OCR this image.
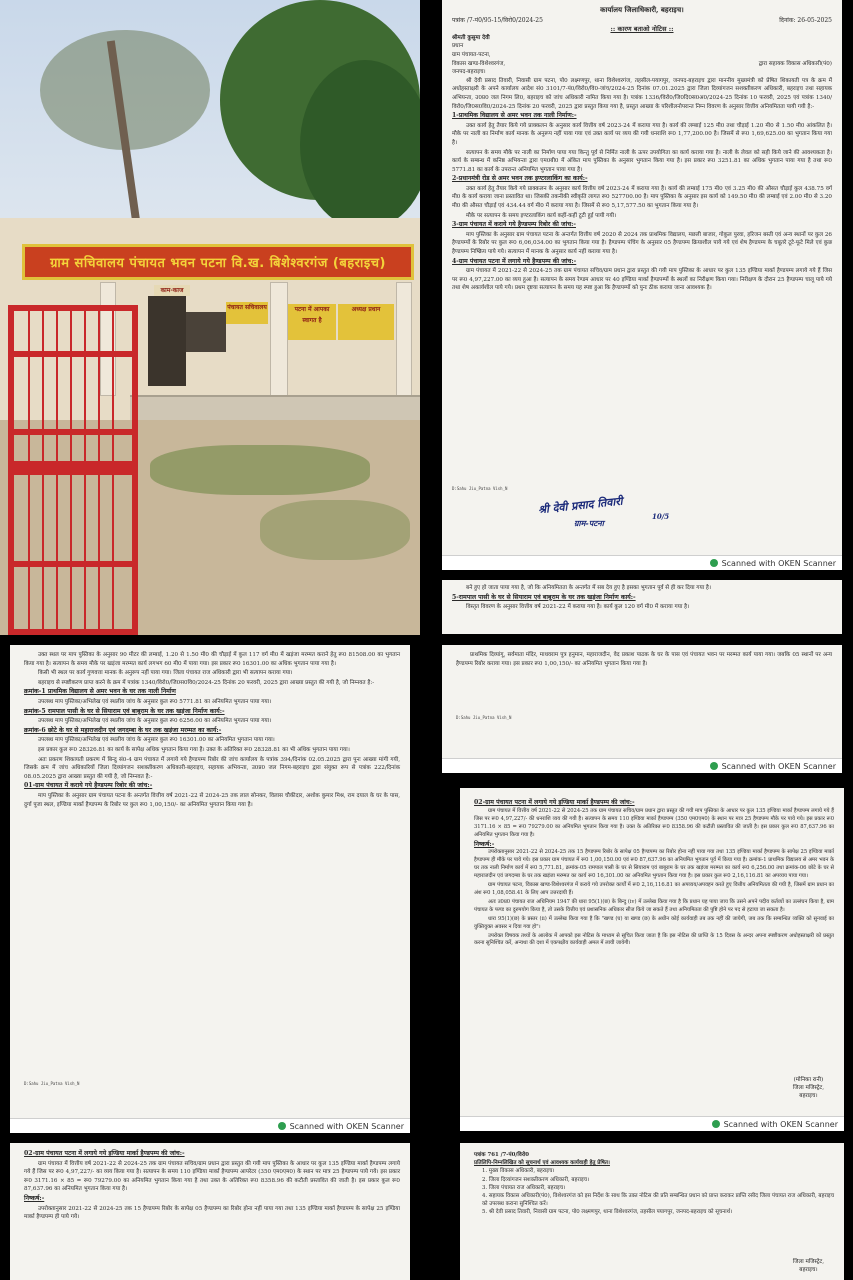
ग्राम सचिवालय पंचायत भवन पटना वि.ख. बिशेश्वरगंज (बहराइच)
काम-काज
पंचायत सचिवालय	पटना में आपका स्वागत है
अध्यक्ष प्रधान
कार्यालय जिलाधिकारी, बहराइच।
पत्रांक /7-पं0/95-15/विरो0/2024-25	दिनांक: 26-05-2025
:: कारण बताओ नोटिस ::
श्रीमती कुसुमा देवी
प्रधान
ग्राम पंचायत-पटना,
विकास खण्ड-विशेश्वरगंज,	द्वारा सहायक विकास अधिकारी(पं0)
जनपद-बहराइच।

श्री देवी प्रसाद तिवारी, निवासी ग्राम पटना, पो0 लक्ष्मणपुर, थाना विशेश्वरगंज, तहसील-पयागपुर, जनपद-बहराइच द्वारा माननीय मुख्यमंत्री को प्रेषित शिकायती पत्र के क्रम में अधोहस्ताक्षरी के अपने कार्यालय आदेश सं0 3101/7-पं0/विरो0/वि0-जांच/2024-25 दिनांक 07.01.2025 द्वारा जिला दिव्यांगजन सशक्तीकरण अधिकारी, बहराइच तथा सहायक अभियन्ता, उ0प्र0 जल निगम लि0, बहराइच को जांच अधिकारी नामित किया गया है। पत्रांक 1336/विरो0/जि0दि0स0अ0/2024-25 दिनांक 10 फरवरी, 2025 एवं पत्रांक 1340/विरो0/जि0स0वि0/2024-25 दिनांक 20 फरवरी, 2025 द्वारा प्रस्तुत किया गया है, प्रस्तुत आख्या के परिशीलनोपरान्त निम्न विवरण के अनुसार वित्तीय अनियमितता पायी गयी है:-

1-प्राथमिक विद्यालय से अमर भवन तक नाली निर्माण:-

उक्त कार्य हेतु तैयार किये गये प्राक्कलन के अनुसार कार्य वित्तीय वर्ष 2023-24 में कराया गया है। कार्य की लम्बाई 125 मी0 तथा चौड़ाई 1.20 मी0 से 1.50 मी0 आंकलित है। मौके पर नाली का निर्माण कार्य मानक के अनुरूप नहीं पाया गया एवं उक्त कार्य पर व्यय की गयी धनराशि रू0 1,77,200.00 है। जिसमें से रू0 1,69,625.00 का भुगतान किया गया है।

सत्यापन के समय मौके पर नाली का निर्माण पाया गया किन्तु पूर्व से निर्मित नाली के ऊपर उपयोगिता का कार्य कराया गया है। नाली के लेवल को सही किये जाने की आवश्यकता है। कार्य के सम्बन्ध में कनिष्ठ अभियन्ता द्वारा एम0बी0 में अंकित माप पुस्तिका के अनुसार भुगतान किया गया है। इस प्रकार रू0 3251.81 का अधिक भुगतान पाया गया है तथा रू0 5771.81 का कार्य के उपरान्त अनियमित भुगतान पाया गया है।

2-प्रधानमंत्री रोड से अमर भवन तक इण्टरलाकिंग का कार्य:-

उक्त कार्य हेतु तैयार किये गये प्राक्कलन के अनुसार कार्य वित्तीय वर्ष 2023-24 में कराया गया है। कार्य की लम्बाई 175 मी0 एवं 3.25 मी0 की औसत चौड़ाई कुल 438.75 वर्ग मी0 के कार्य कराया जाना प्रस्तावित था। जिसकी तकनीकी स्वीकृति लागत रू0 527700.00 है। माप पुस्तिका के अनुसार इस कार्य को 149.50 मी0 की लम्बाई एवं 2.00 मी0 से 3.20 मी0 की औसत चौड़ाई एवं 434.44 वर्ग मी0 में कराया गया है। जिसमें से रू0 5,17,577.50 का भुगतान किया गया है।

मौके पर सत्यापन के समय इण्टरलाकिंग कार्य कहीं-कहीं टूटी हुई पायी गयी।

3-ग्राम पंचायत में कराये गये हैण्डपम्प रिबोर की जांच:-

माप पुस्तिका के अनुसार ग्राम पंचायत पटना के अन्तर्गत वित्तीय वर्ष 2020 से 2024 तक प्राथमिक विद्यालय, मछली बाजार, गोकुल पुरवा, हरिजन बस्ती एवं अन्य स्थानों पर कुल 26 हैण्डपम्पों के रिबोर पर कुल रू0 6,06,034.00 का भुगतान किया गया है। हैण्डपम्प पंचिंग के अनुसार 05 हैण्डपम्प क्रियाशील पाये गये एवं शेष हैण्डपम्प के चबूतरे टूटे-फूटे मिले एवं कुछ हैण्डपम्प निष्क्रिय पाये गये। सत्यापन में मानक के अनुसार कार्य नहीं कराया गया है।

4-ग्राम पंचायत पटना में लगाये गये हैण्डपम्प की जांच:-

ग्राम पंचायत में 2021-22 से 2024-25 तक ग्राम पंचायत सचिव/ग्राम प्रधान द्वारा प्रस्तुत की गयी माप पुस्तिका के आधार पर कुल 135 इण्डिया मार्का हैण्डपम्प लगाये गये हैं जिस पर रू0 4,97,227.00 का व्यय हुआ है। सत्यापन के समय रेण्डम आधार पर 40 इण्डिया मार्का हैण्डपम्पों के स्थलों का निरीक्षण किया गया। निरीक्षण के दौरान 25 हैण्डपम्प चालू पाये गये तथा शेष अकार्यशील पाये गये। प्रथम दृष्टया सत्यापन के समय यह स्पष्ट हुआ कि हैण्डपम्पों को पुनः ठीक कराया जाना आवश्यक है।

D:Sahu Jiu_Patna Vish_N
श्री देवी प्रसाद तिवारी
ग्राम-पटना
10/5
Scanned with OKEN Scanner

बने हुए हो जाता पाया गया है, जो कि अनियमितता के अन्तर्गत में सब देय हुए है इसका भुगतान पूर्व से ही कर दिया गया है।

5-रामपाल पासी के घर से सियाराम एवं बाबूराम के घर तक खड़ंजा निर्माण कार्य:-

विस्तृत विवरण के अनुसार वित्तीय वर्ष 2021-22 में कराया गया है। कार्य कुल 120 वर्ग मी0 में कराया गया है।

उक्त स्थल पर माप पुस्तिका के अनुसार 90 मीटर की लम्बाई, 1.20 से 1.50 मी0 की चौड़ाई में कुल 117 वर्ग मी0 में खड़ंजा मरम्मत कराने हेतु रू0 81508.00 का भुगतान किया गया है। सत्यापन के समय मौके पर खड़ंजा मरम्मत कार्य लगभग 60 मी0 में पाया गया। इस प्रकार रू0 16301.00 का अधिक भुगतान पाया गया है।

किसी भी स्थल पर कार्य गुणवत्ता मानक के अनुरूप नहीं पाया गया। जिला पंचायत राज अधिकारी द्वारा भी सत्यापन कराया गया।

बहराइच से स्पष्टीकरण प्राप्त करने के क्रम में पत्रांक 1340/विरो0/जि0स0वि0/2024-25 दिनांक 20 फरवरी, 2025 द्वारा आख्या प्रस्तुत की गयी है, जो निम्नवत है:-

क्रमांक-1 प्राथमिक विद्यालय से अमर भवन के घर तक नाली निर्माण

उपलब्ध माप पुस्तिका/अभिलेख एवं स्थलीय जांच के अनुसार कुल रू0 5771.81 का अनियमित भुगतान पाया गया।

क्रमांक-5 रामपाल पासी के घर से सियाराम एवं बाबूराम के घर तक खड़ंजा निर्माण कार्य:-

उपलब्ध माप पुस्तिका/अभिलेख एवं स्थलीय जांच के अनुसार कुल रू0 6256.00 का अनियमित भुगतान पाया गया।

क्रमांक-6 छोटे के घर से महाराजदीन एवं जगदम्बा के घर तक खड़ंजा मरम्मत का कार्य:-

उपलब्ध माप पुस्तिका/अभिलेख एवं स्थलीय जांच के अनुसार कुल रू0 16301.00 का अनियमित भुगतान पाया गया।

इस प्रकार कुल रू0 28326.81 का कार्य के सापेक्ष अधिक भुगतान किया गया है। उक्त के अतिरिक्त रू0 28328.81 का भी अधिक भुगतान पाया गया।

अतः प्रकरण शिकायती प्रकरण में बिन्दु सं0-4 ग्राम पंचायत में लगाये गये हैण्डपम्प रिबोर की जांच कार्यालय के पत्रांक 394/दिनांक 02.05.2025 द्वारा पुनः आख्या मांगी गयी, जिसके क्रम में जांच अधिकारियों जिला दिव्यांगजन सशक्तीकरण अधिकारी-बहराइच, सहायक अभियन्ता, उ0प्र0 जल निगम-बहराइच द्वारा संयुक्त रूप से पत्रांक 222/दिनांक 08.05.2025 द्वारा आख्या प्रस्तुत की गयी है, जो निम्नवत है:-

01-ग्राम पंचायत में कराये गये हैण्डपम्प रिबोर की जांच:-

माप पुस्तिका के अनुसार ग्राम पंचायत पटना के अन्तर्गत वित्तीय वर्ष 2021-22 से 2024-25 तक लाल सोनकर, विलास चौकीदार, अशोक कुमार मिश्र, राम दयाल के घर के पास, दुर्गा पूजा स्थल, इण्डिया मार्का हैण्डपम्प के रिबोर पर कुल रू0 1,00,150/- का अनियमित भुगतान किया गया है।

D:Sahu Jiu_Patna Vish_N
Scanned with OKEN Scanner

प्राथमिक दिव्यांगू, सर्वमाता मंदिर, माधवराम पुत्र हनुमान, महाराजदीन, वेद प्रकाश पाठक के घर के पास एवं पंचायत भवन पर मरम्मत कार्य पाया गया। जबकि 05 स्थानों पर अन्य हैण्डपम्प रिबोर कराया गया। इस प्रकार रू0 1,00,150/- का अनियमित भुगतान किया गया है।

D:Sahu Jiu_Patna Vish_N
Scanned with OKEN Scanner
02-ग्राम पंचायत पटना में लगाये गये इण्डिया मार्का हैण्डपम्प की जांच:-

ग्राम पंचायत में वित्तीय वर्ष 2021-22 से 2024-25 तक ग्राम पंचायत सचिव/ग्राम प्रधान द्वारा प्रस्तुत की गयी माप पुस्तिका के आधार पर कुल 135 इण्डिया मार्का हैण्डपम्प लगाये गये हैं जिस पर रू0 4,97,227/- की धनराशि व्यय की गयी है। सत्यापन के समय 110 इण्डिया मार्का हैण्डपम्प (350 एम0एम0) के स्थान पर मात्र 25 हैण्डपम्प मौके पर पाये गये। इस प्रकार रू0 3171.16 × 85 = रू0 79279.00 का अनियमित भुगतान किया गया है। उक्त के अतिरिक्त रू0 8358.96 की कटौती प्रस्तावित की जाती है। इस प्रकार कुल रू0 87,637.96 का अनियमित भुगतान किया गया है।

निष्कर्ष:-

उपरोक्तानुसार 2021-22 से 2024-25 तक 15 हैण्डपम्प रिबोर के सापेक्ष 05 हैण्डपम्प का रिबोर होना नहीं पाया गया तथा 135 इण्डिया मार्का हैण्डपम्प के सापेक्ष 25 इण्डिया मार्का हैण्डपम्प ही मौके पर पाये गये। इस प्रकार ग्राम पंचायत में रू0 1,00,150.00 एवं रू0 87,637.96 का अनियमित भुगतान पूर्व में किया गया है। क्रमांक-1 प्राथमिक विद्यालय से अमर भवन के घर तक नाली निर्माण कार्य में रू0 5,771.81, क्रमांक-05 रामपाल पासी के घर से सियाराम एवं बाबूराम के घर तक खड़ंजा मरम्मत का कार्य रू0 6,256.00 तथा क्रमांक-06 छोटे के घर से महाराजदीन एवं जगदम्बा के घर तक खड़ंजा मरम्मत का कार्य रू0 16,301.00 का अनियमित भुगतान किया गया है। इस प्रकार कुल रू0 2,16,116.81 का अपव्यय पाया गया।

ग्राम पंचायत पटना, विकास खण्ड-विशेश्वरगंज में कराये गये उपरोक्त कार्यों में रू0 2,16,116.81 का अपव्यय/अपवहन करते हुए वित्तीय अनियमितता की गयी है, जिसमें ग्राम प्रधान का अंश रू0 1,08,058.41 के लिए आप उत्तरदायी हैं।

अतः उ0प्र0 पंचायत राज अधिनियम 1947 की धारा 95(1)(छ) के बिन्दु (iv) में उल्लेख किया गया है कि प्रधान यह पाया जाय कि उसने अपने पदीय कर्तव्यों का उल्लंघन किया है, ग्राम पंचायत के फण्ड का दुरुपयोग किया है, तो उसके वित्तीय एवं प्रशासनिक अधिकार सीज किये जा सकते हैं तथा अनियमितता की पुष्टि होने पर पद से हटाया जा सकता है।

धारा 95(1)(छ) के प्रस्तर (ii) में उल्लेख किया गया है कि "खण्ड (घ) या खण्ड (छ) के अधीन कोई कार्यवाही तब तक नहीं की जायेगी, जब तक कि सम्बन्धित व्यक्ति को सुनवाई का युक्तियुक्त अवसर न दिया गया हो"।

उपरोक्त विषयक तथ्यों के आलोक में आपको इस नोटिस के माध्यम से सूचित किया जाता है कि इस नोटिस की प्राप्ति के 15 दिवस के अन्दर अपना स्पष्टीकरण अधोहस्ताक्षरी को प्रस्तुत करना सुनिश्चित करें, अन्यथा की दशा में एकपक्षीय कार्यवाही अमल में लायी जायेगी।

(मोनिका रानी)
जिला मजिस्ट्रेट,
बहराइच।
Scanned with OKEN Scanner
02-ग्राम पंचायत पटना में लगाये गये इण्डिया मार्का हैण्डपम्प की जांच:-

ग्राम पंचायत में वित्तीय वर्ष 2021-22 से 2024-25 तक ग्राम पंचायत सचिव/ग्राम प्रधान द्वारा प्रस्तुत की गयी माप पुस्तिका के आधार पर कुल 135 इण्डिया मार्का हैण्डपम्प लगाये गये हैं जिस पर रू0 4,97,227/- का व्यय किया गया है। सत्यापन के समय 110 इण्डिया मार्का हैण्डपम्प आपरेटर (350 एम0एम0) के स्थान पर मात्र 25 हैण्डपम्प पाये गये। इस प्रकार रू0 3171.16 × 85 = रू0 79279.00 का अनियमित भुगतान किया गया है तथा उक्त के अतिरिक्त रू0 8358.96 की कटौती प्रस्तावित की जाती है। इस प्रकार कुल रू0 87,637.96 का अनियमित भुगतान किया गया है।

निष्कर्ष:-

उपरोक्तानुसार 2021-22 से 2024-25 तक 15 हैण्डपम्प रिबोर के सापेक्ष 05 हैण्डपम्प का रिबोर होना नहीं पाया गया तथा 135 इण्डिया मार्का हैण्डपम्प के सापेक्ष 25 इण्डिया मार्का हैण्डपम्प ही पाये गये।

पत्रांक 761 /7-पं0/विरो0
प्रतिलिपि-निम्नलिखित को सूचनार्थ एवं आवश्यक कार्यवाही हेतु प्रेषित।
1. मुख्य विकास अधिकारी, बहराइच।
2. जिला दिव्यांगजन सशक्तीकरण अधिकारी, बहराइच।
3. जिला पंचायत राज अधिकारी, बहराइच।
4. सहायक विकास अधिकारी(पं0), विशेश्वरगंज को इस निर्देश के साथ कि उक्त नोटिस की प्रति सम्बन्धित प्रधान को प्राप्त कराकर प्राप्ति रसीद जिला पंचायत राज अधिकारी, बहराइच को उपलब्ध कराना सुनिश्चित करें।
5. श्री देवी प्रसाद तिवारी, निवासी ग्राम पटना, पो0 लक्ष्मणपुर, थाना विशेश्वरगंज, तहसील पयागपुर, जनपद-बहराइच को सूचनार्थ।
जिला मजिस्ट्रेट,
बहराइच।
